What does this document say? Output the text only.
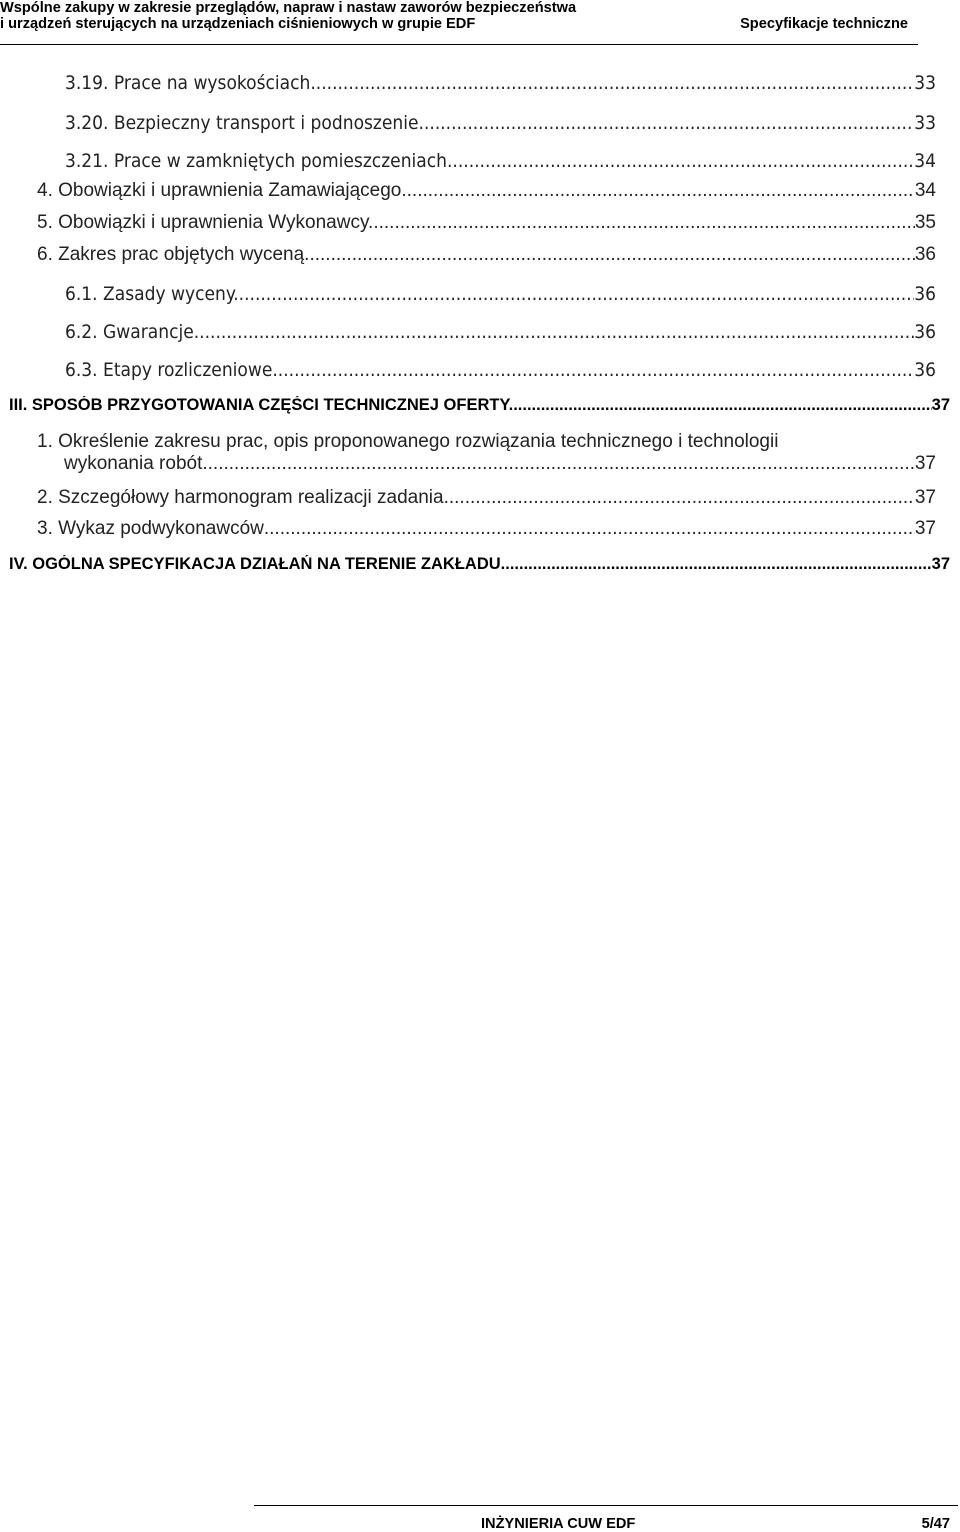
Wspólne zakupy w zakresie przeglądów, napraw i nastaw zaworów bezpieczeństwa
i urządzeń sterujących na urządzeniach ciśnieniowych w grupie EDF	Specyfikacje techniczne
3.19. Prace na wysokościach .....	33
3.20. Bezpieczny transport i podnoszenie .....	33
3.21. Prace w zamkniętych pomieszczeniach. .....	34
4. Obowiązki i uprawnienia Zamawiającego .....	34
5. Obowiązki i uprawnienia Wykonawcy. .....	35
6. Zakres prac objętych wyceną. .....	36
6.1. Zasady wyceny. .....	36
6.2. Gwarancje .....	36
6.3. Etapy rozliczeniowe .....	36
III. SPOSÓB PRZYGOTOWANIA CZĘŚCI TECHNICZNEJ OFERTY. .....	37
1. Określenie zakresu prac, opis proponowanego rozwiązania technicznego i technologii
wykonania robót. .....	37
2. Szczegółowy harmonogram realizacji zadania .....	37
3. Wykaz podwykonawców .....	37
IV. OGÓLNA SPECYFIKACJA DZIAŁAŃ NA TERENIE ZAKŁADU .....	37
INŻYNIERIA CUW EDF	5/47
